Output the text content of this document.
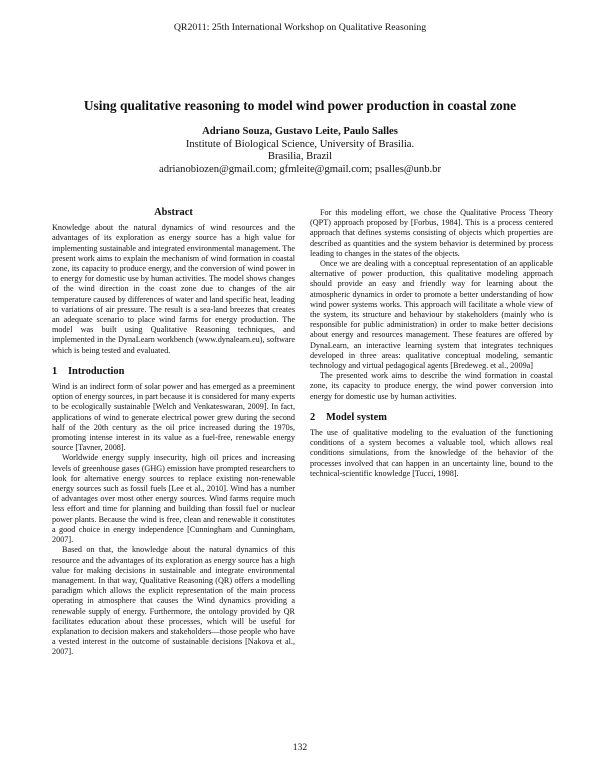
QR2011: 25th International Workshop on Qualitative Reasoning
Using qualitative reasoning to model wind power production in coastal zone
Adriano Souza, Gustavo Leite, Paulo Salles
Institute of Biological Science, University of Brasilia.
Brasilia, Brazil
adrianobiozen@gmail.com; gfmleite@gmail.com; psalles@unb.br
Abstract

Knowledge about the natural dynamics of wind resources and the advantages of its exploration as energy source has a high value for implementing sustainable and integrated environmental management. The present work aims to explain the mechanism of wind formation in coastal zone, its capacity to produce energy, and the conversion of wind power in to energy for domestic use by human activities. The model shows changes of the wind direction in the coast zone due to changes of the air temperature caused by differences of water and land specific heat, leading to variations of air pressure. The result is a sea-land breezes that creates an adequate scenario to place wind farms for energy production. The model was built using Qualitative Reasoning techniques, and implemented in the DynaLearn workbench (www.dynalearn.eu), software which is being tested and evaluated.

1 Introduction

Wind is an indirect form of solar power and has emerged as a preeminent option of energy sources, in part because it is considered for many experts to be ecologically sustainable [Welch and Venkateswaran, 2009]. In fact, applications of wind to generate electrical power grew during the second half of the 20th century as the oil price increased during the 1970s, promoting intense interest in its value as a fuel-free, renewable energy source [Tavner, 2008].

Worldwide energy supply insecurity, high oil prices and increasing levels of greenhouse gases (GHG) emission have prompted researchers to look for alternative energy sources to replace existing non-renewable energy sources such as fossil fuels [Lee et al., 2010]. Wind has a number of advantages over most other energy sources. Wind farms require much less effort and time for planning and building than fossil fuel or nuclear power plants. Because the wind is free, clean and renewable it constitutes a good choice in energy independence [Cunningham and Cunningham, 2007].

Based on that, the knowledge about the natural dynamics of this resource and the advantages of its exploration as energy source has a high value for making decisions in sustainable and integrate environmental management. In that way, Qualitative Reasoning (QR) offers a modelling paradigm which allows the explicit representation of the main process operating in atmosphere that causes the Wind dynamics providing a renewable supply of energy. Furthermore, the ontology provided by QR facilitates education about these processes, which will be useful for explanation to decision makers and stakeholders—those people who have a vested interest in the outcome of sustainable decisions [Nakova et al., 2007].

For this modeling effort, we chose the Qualitative Process Theory (QPT) approach proposed by [Forbus, 1984]. This is a process centered approach that defines systems consisting of objects which properties are described as quantities and the system behavior is determined by process leading to changes in the states of the objects.

Once we are dealing with a conceptual representation of an applicable alternative of power production, this qualitative modeling approach should provide an easy and friendly way for learning about the atmospheric dynamics in order to promote a better understanding of how wind power systems works. This approach will facilitate a whole view of the system, its structure and behaviour by stakeholders (mainly who is responsible for public administration) in order to make better decisions about energy and resources management. These features are offered by DynaLearn, an interactive learning system that integrates techniques developed in three areas: qualitative conceptual modeling, semantic technology and virtual pedagogical agents [Bredeweg. et al., 2009a]

The presented work aims to describe the wind formation in coastal zone, its capacity to produce energy, the wind power conversion into energy for domestic use by human activities.

2 Model system

The use of qualitative modeling to the evaluation of the functioning conditions of a system becomes a valuable tool, which allows real conditions simulations, from the knowledge of the behavior of the processes involved that can happen in an uncertainty line, bound to the technical-scientific knowledge [Tucci, 1998].

132
